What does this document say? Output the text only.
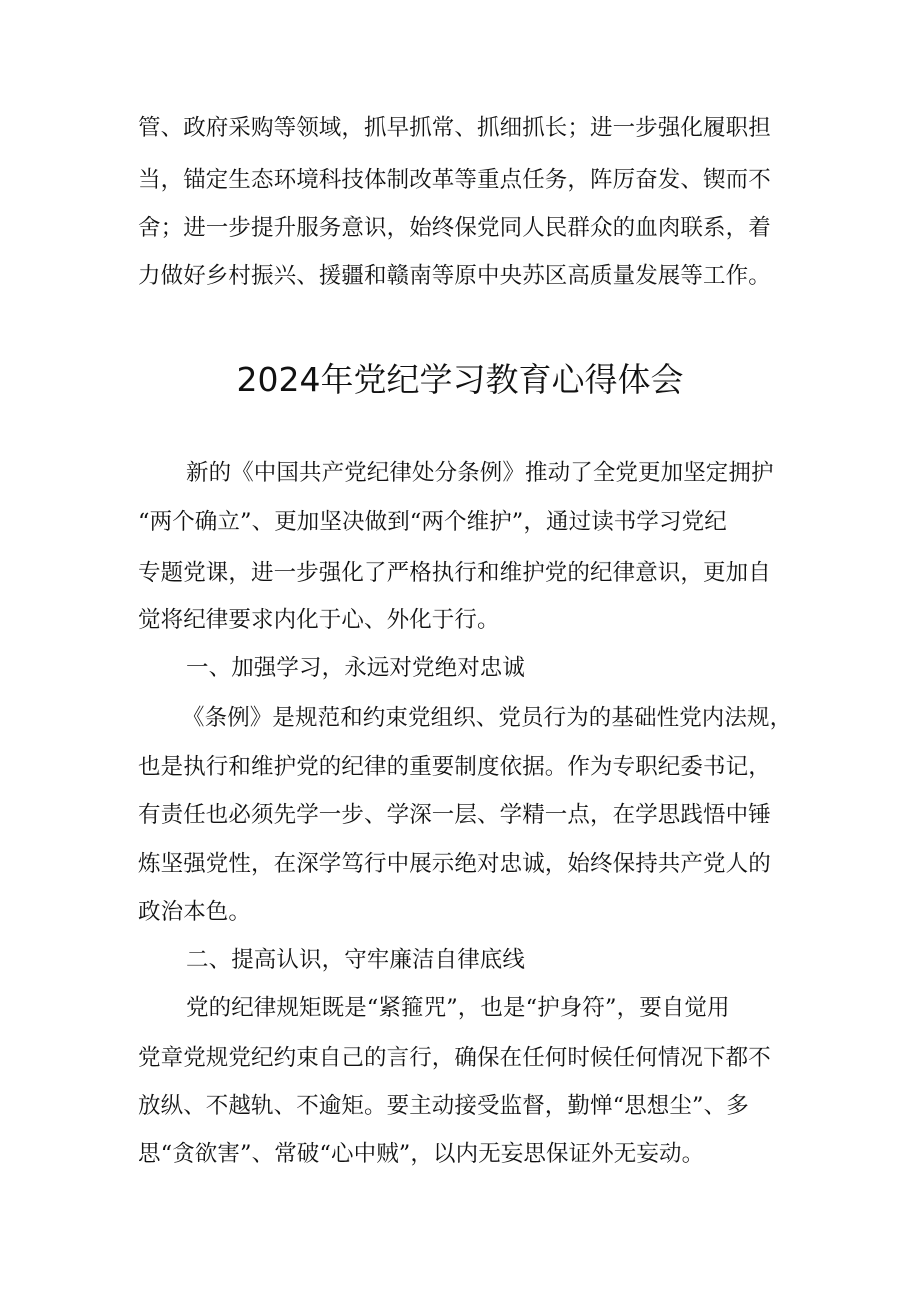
管、政府采购等领域，抓早抓常、抓细抓长；进一步强化履职担
当，锚定生态环境科技体制改革等重点任务，阵厉奋发、锲而不
舍；进一步提升服务意识，始终保党同人民群众的血肉联系，着
力做好乡村振兴、援疆和赣南等原中央苏区高质量发展等工作。
2024年党纪学习教育心得体会
新的《中国共产党纪律处分条例》推动了全党更加坚定拥护
“两个确立”、更加坚决做到“两个维护”，通过读书学习党纪
专题党课，进一步强化了严格执行和维护党的纪律意识，更加自
觉将纪律要求内化于心、外化于行。
一、加强学习，永远对党绝对忠诚
《条例》是规范和约束党组织、党员行为的基础性党内法规，
也是执行和维护党的纪律的重要制度依据。作为专职纪委书记，
有责任也必须先学一步、学深一层、学精一点，在学思践悟中锤
炼坚强党性，在深学笃行中展示绝对忠诚，始终保持共产党人的
政治本色。
二、提高认识，守牢廉洁自律底线
党的纪律规矩既是“紧箍咒”，也是“护身符”，要自觉用
党章党规党纪约束自己的言行，确保在任何时候任何情况下都不
放纵、不越轨、不逾矩。要主动接受监督，勤惮“思想尘”、多
思“贪欲害”、常破“心中贼”，以内无妄思保证外无妄动。
